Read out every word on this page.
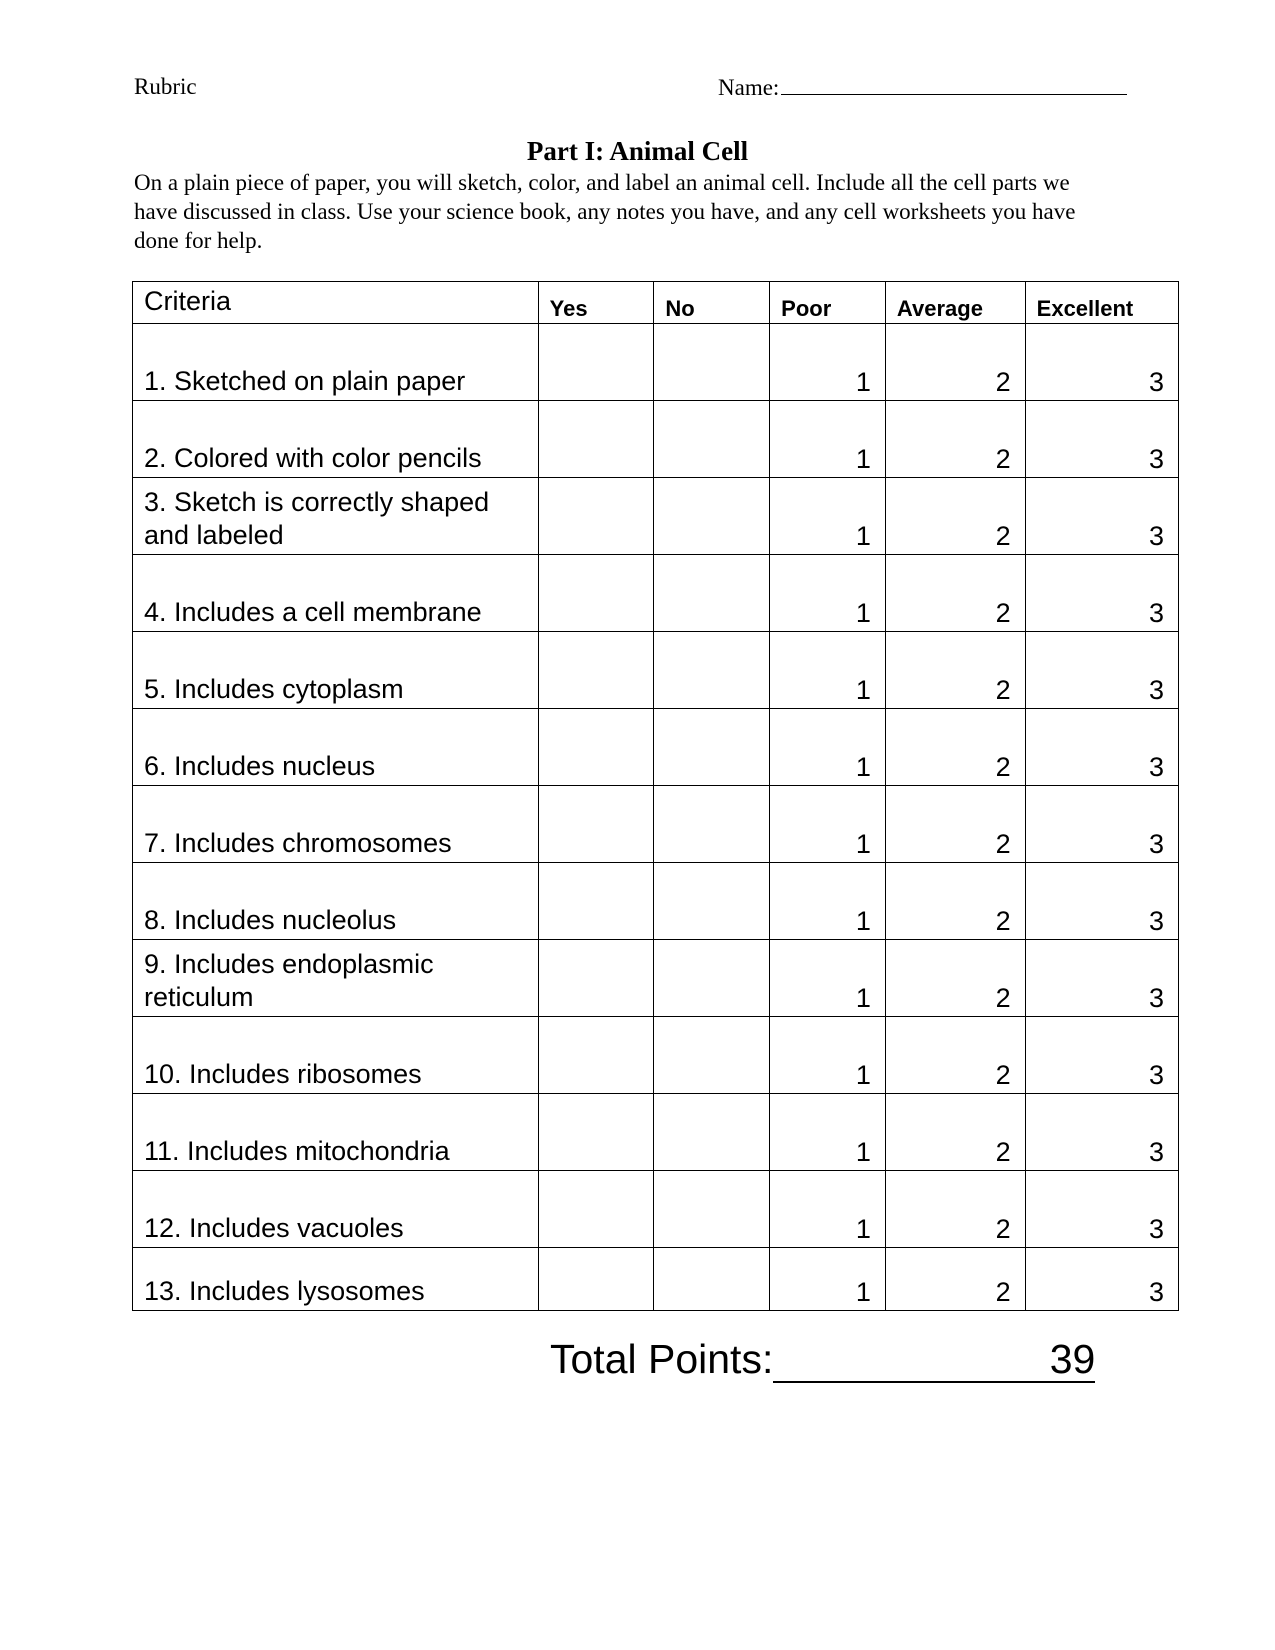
Rubric	Name:
Part I: Animal Cell
On a plain piece of paper, you will sketch, color, and label an animal cell. Include all the cell parts we have discussed in class. Use your science book, any notes you have, and any cell worksheets you have done for help.
Criteria	Yes	No	Poor	Average	Excellent
1. Sketched on plain paper			1	2	3
2. Colored with color pencils			1	2	3
3. Sketch is correctly shaped and labeled			1	2	3
4. Includes a cell membrane			1	2	3
5. Includes cytoplasm			1	2	3
6. Includes nucleus			1	2	3
7. Includes chromosomes			1	2	3
8. Includes nucleolus			1	2	3
9. Includes endoplasmic reticulum			1	2	3
10. Includes ribosomes			1	2	3
11. Includes mitochondria			1	2	3
12. Includes vacuoles			1	2	3
13. Includes lysosomes			1	2	3
Total Points:	39
